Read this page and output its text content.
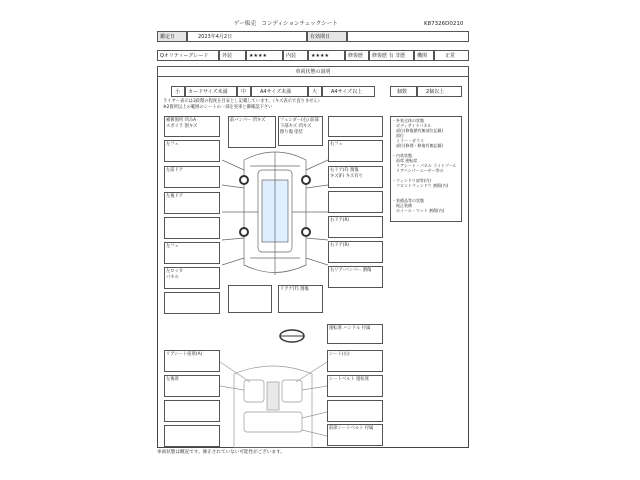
ゲー販売　コンディションチェックシート	K87326D0210
鑑定日	2023年4月2日	有効期日
Qオリティーグレード	外装	★★★★	内装	★★★★	修復歴	修復歴 有 非歴	機関	正常
車両状態の説明
小	カードサイズ未満	中	A4サイズ未満	大	A4サイズ以上	個数	2個以上
ライヤー表示は3段階の程度を目安とし記載しています。（キズ表示で直りません）
※2箇所以上の範囲のシートの一部を実車と御確認下さい
補修箇所 凹みA
スポイラ 割キズ
前バンパー 凹キズ	フェンダー(右) 前部
下部キズ 凹キズ
擦り傷 塗装
左フェ
左前ドア
左後ドア
左フェ
左ロッカ
パネル
右フェ
右ドア(F) 割傷
キズ(F) キズ有り
右ドア(R)
右ドア(R)
右リア-バンパー 割傷
リアゲ(T) 割傷
・外装全体の状態
　ボディサイドパネル
　部位(修復歴有無部位記載)
　部位
　ミラー・ガラス
　部位(修理・修復有無記載)
・内装状態
　前席 運転席
　リアシート・パネル ライトプール
　リアバンパーユーザー等の
・ウィンドウ部等(内)
　フロントウィンドウ 割傷(内)
・装備品等の状態
　純正装備
　ホイール・マット 割傷(内)
運転席 ハンドル 付属
リアシート座席(A)	シート(右)
左後席	シートベルト 運転席
前席シートベルト 付属
車両状態は概況です。修正されていない可能性がございます。
